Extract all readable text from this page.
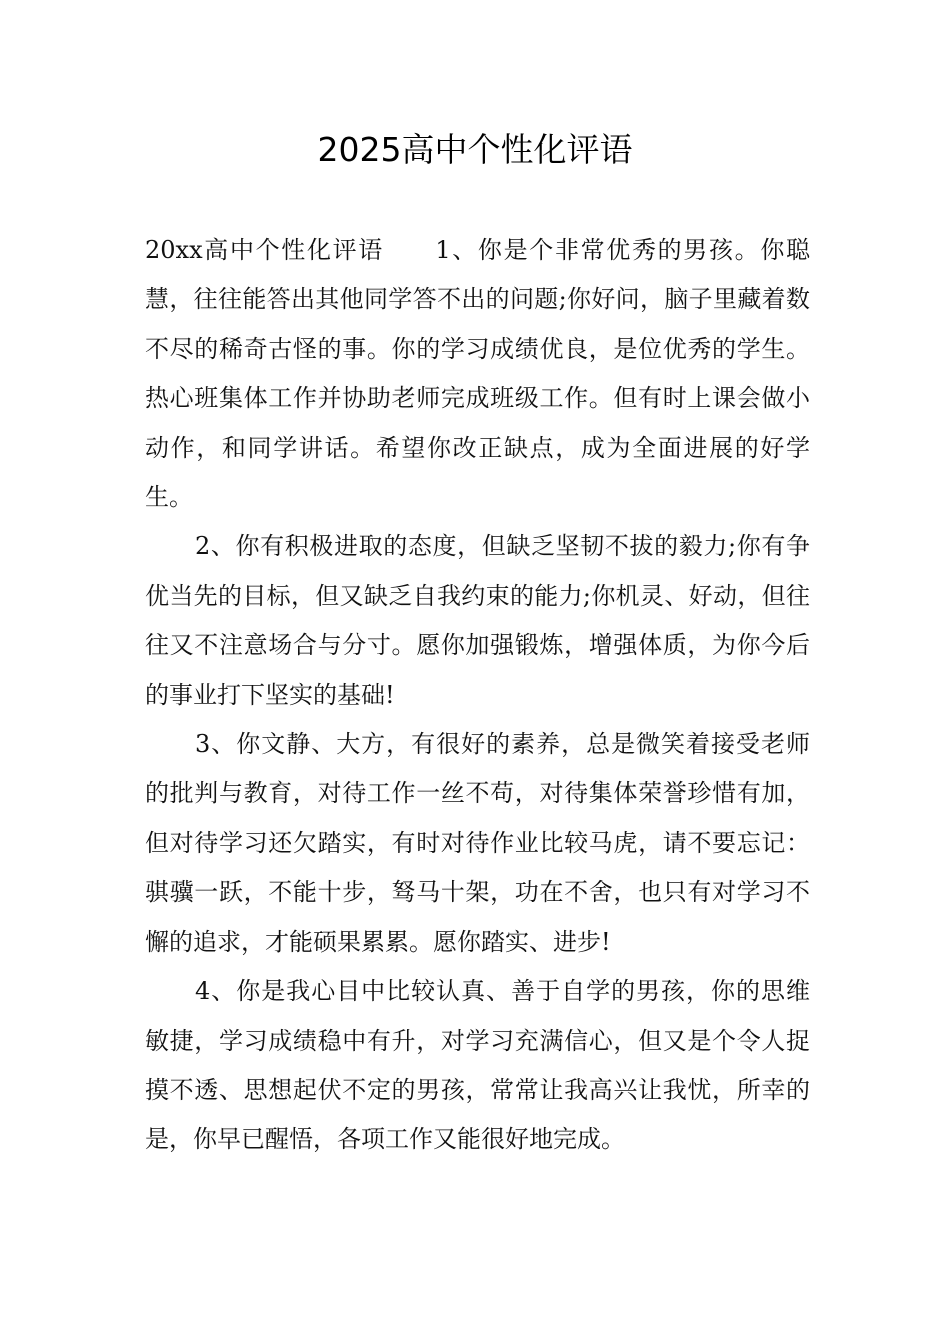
2025高中个性化评语

20xx高中个性化评语　　1、你是个非常优秀的男孩。你聪慧，往往能答出其他同学答不出的问题;你好问，脑子里藏着数不尽的稀奇古怪的事。你的学习成绩优良，是位优秀的学生。热心班集体工作并协助老师完成班级工作。但有时上课会做小动作，和同学讲话。希望你改正缺点，成为全面进展的好学生。

2、你有积极进取的态度，但缺乏坚韧不拔的毅力;你有争优当先的目标，但又缺乏自我约束的能力;你机灵、好动，但往往又不注意场合与分寸。愿你加强锻炼，增强体质，为你今后的事业打下坚实的基础!

3、你文静、大方，有很好的素养，总是微笑着接受老师的批判与教育，对待工作一丝不苟，对待集体荣誉珍惜有加，但对待学习还欠踏实，有时对待作业比较马虎，请不要忘记：骐骥一跃，不能十步，驽马十架，功在不舍，也只有对学习不懈的追求，才能硕果累累。愿你踏实、进步!

4、你是我心目中比较认真、善于自学的男孩，你的思维敏捷，学习成绩稳中有升，对学习充满信心，但又是个令人捉摸不透、思想起伏不定的男孩，常常让我高兴让我忧，所幸的是，你早已醒悟，各项工作又能很好地完成。
